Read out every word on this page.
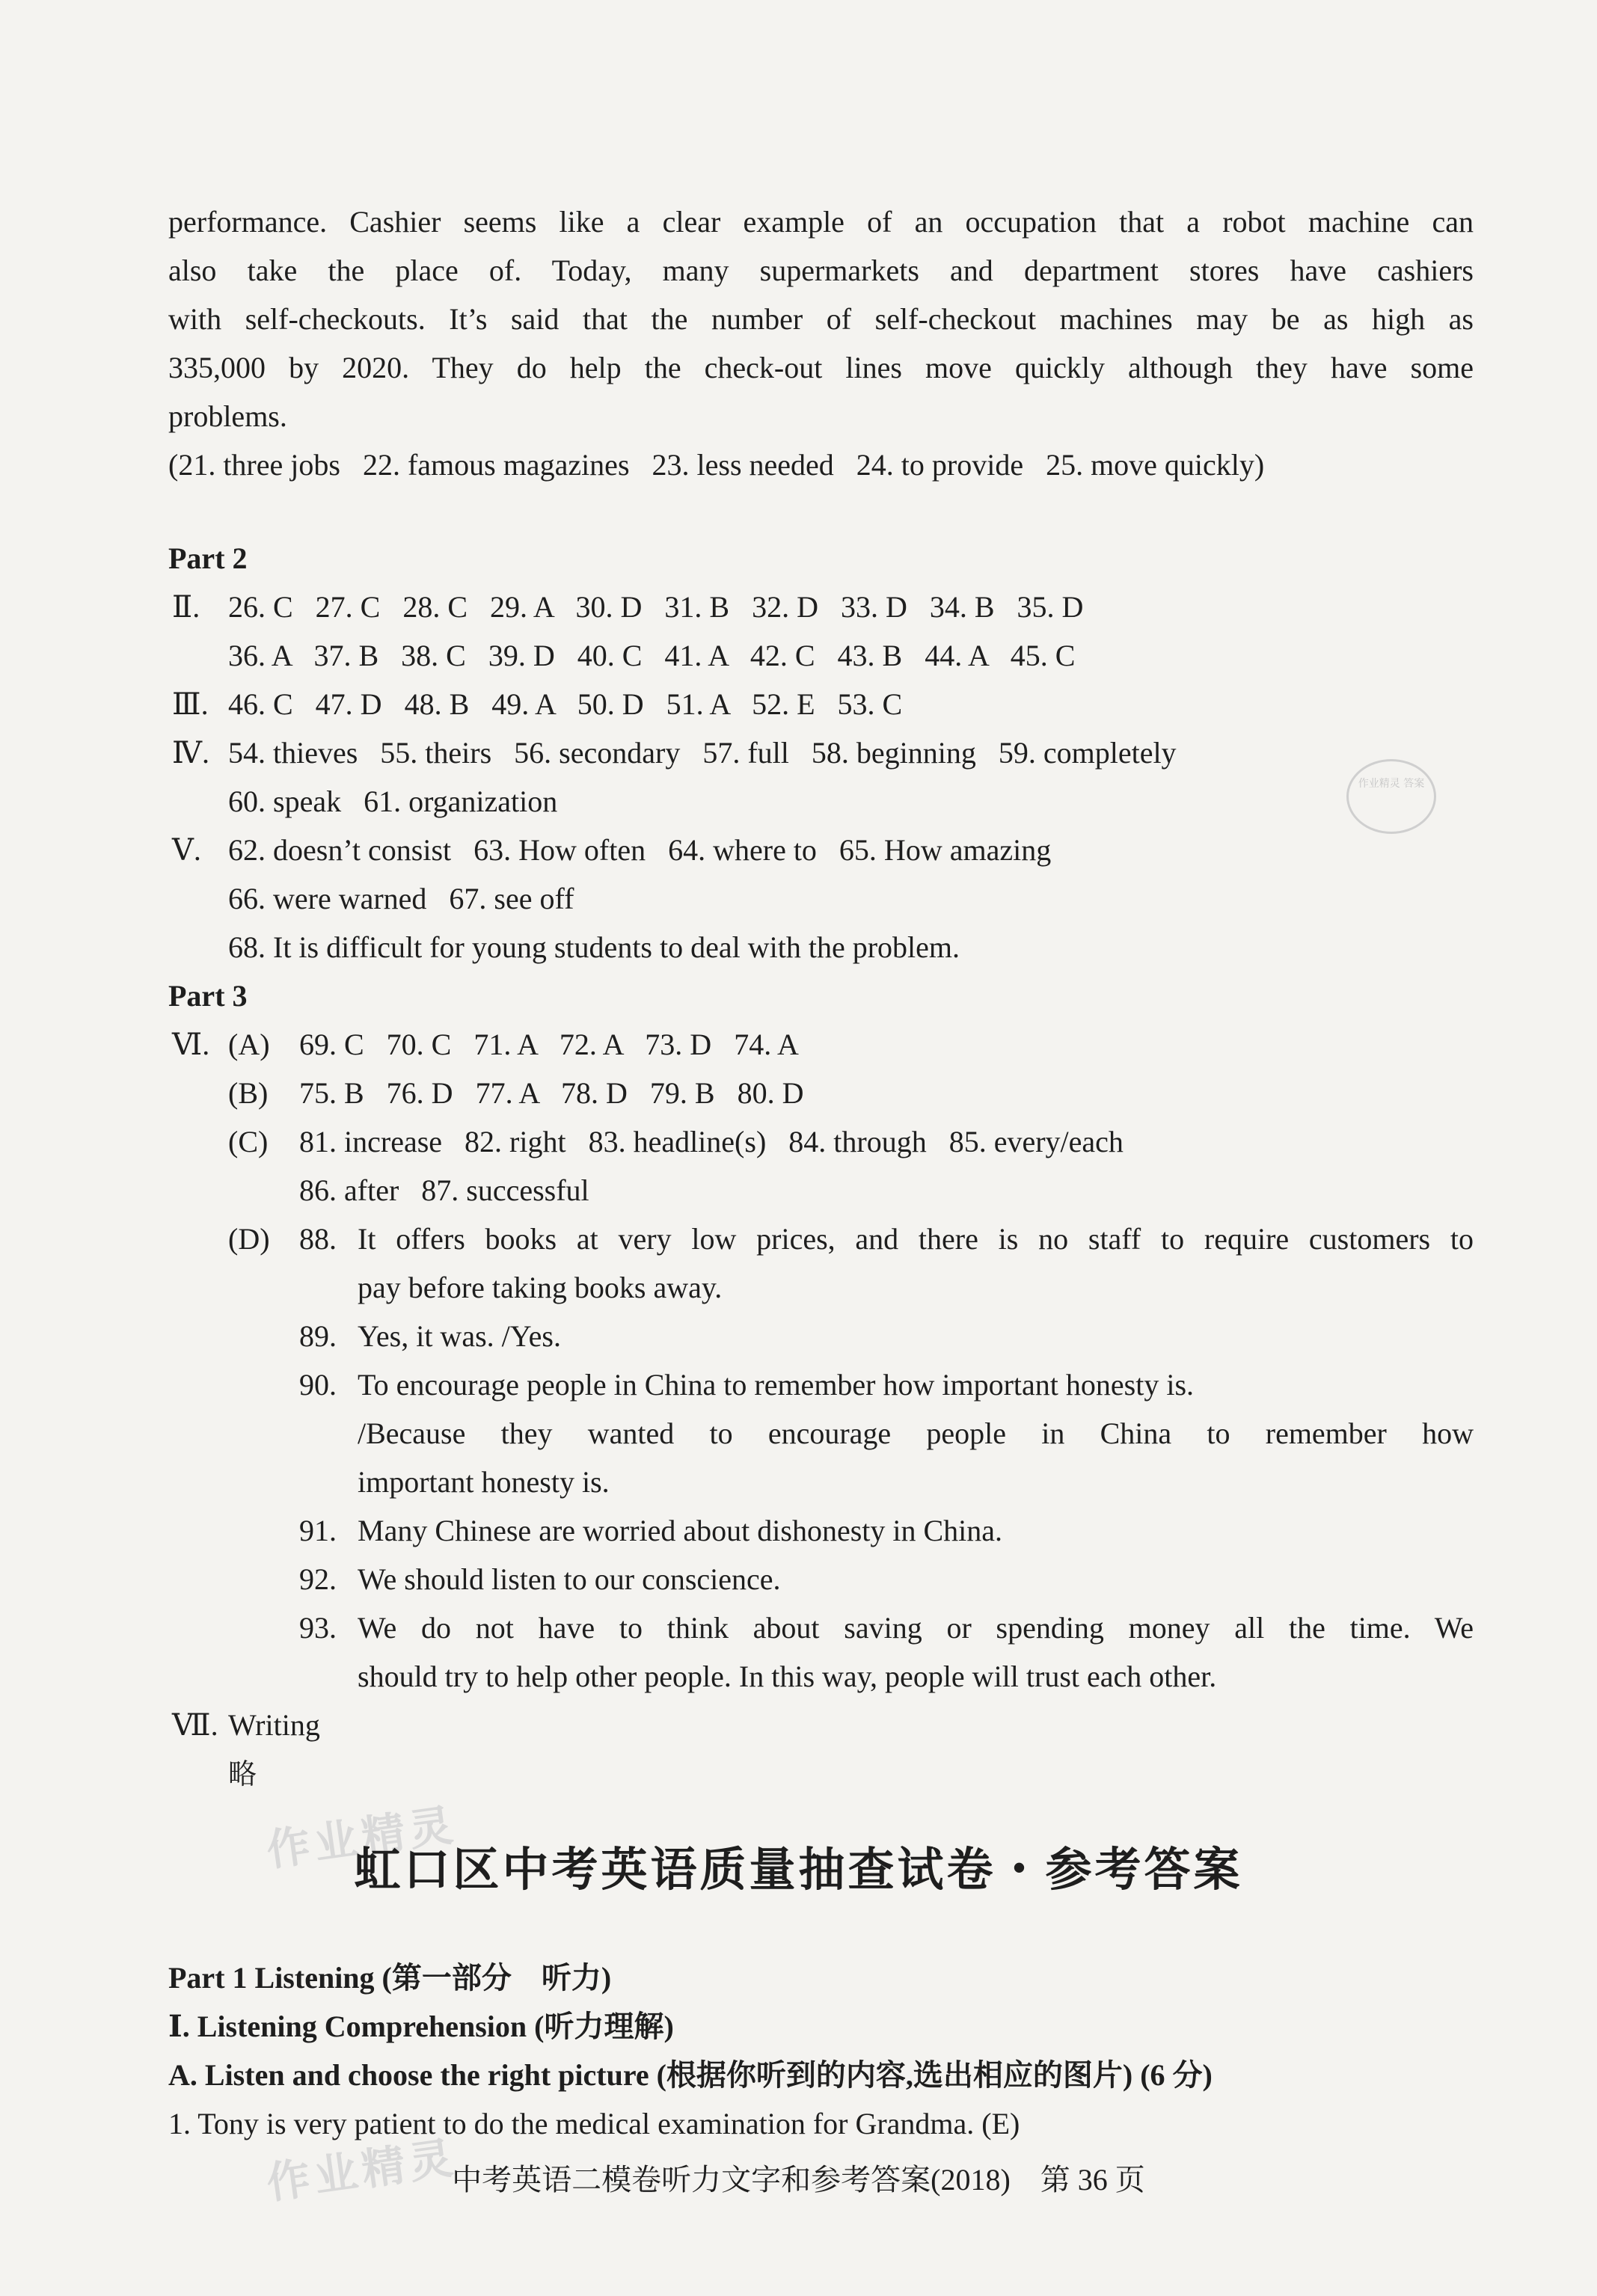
performance. Cashier seems like a clear example of an occupation that a robot machine can
also take the place of. Today, many supermarkets and department stores have cashiers
with self-checkouts. It’s said that the number of self-checkout machines may be as high as
335,000 by 2020. They do help the check-out lines move quickly although they have some
problems.
(21. three jobs   22. famous magazines   23. less needed   24. to provide   25. move quickly)
Part 2
Ⅱ. 26. C   27. C   28. C   29. A   30. D   31. B   32. D   33. D   34. B   35. D
36. A   37. B   38. C   39. D   40. C   41. A   42. C   43. B   44. A   45. C
Ⅲ. 46. C   47. D   48. B   49. A   50. D   51. A   52. E   53. C
Ⅳ. 54. thieves   55. theirs   56. secondary   57. full   58. beginning   59. completely
60. speak   61. organization
Ⅴ. 62. doesn’t consist   63. How often   64. where to   65. How amazing
66. were warned   67. see off
68. It is difficult for young students to deal with the problem.
Part 3
Ⅵ. (A) 69. C   70. C   71. A   72. A   73. D   74. A
(B) 75. B   76. D   77. A   78. D   79. B   80. D
(C) 81. increase   82. right   83. headline(s)   84. through   85. every/each
86. after   87. successful
(D) 88. It offers books at very low prices, and there is no staff to require customers to
pay before taking books away.
89. Yes, it was. /Yes.
90. To encourage people in China to remember how important honesty is.
/Because they wanted to encourage people in China to remember how
important honesty is.
91. Many Chinese are worried about dishonesty in China.
92. We should listen to our conscience.
93. We do not have to think about saving or spending money all the time. We
should try to help other people. In this way, people will trust each other.
Ⅶ. Writing
略
作业精灵
作业精灵
作业精灵 答案
虹口区中考英语质量抽查试卷・参考答案
Part 1 Listening (第一部分　听力)
Ⅰ. Listening Comprehension (听力理解)
A. Listen and choose the right picture (根据你听到的内容,选出相应的图片) (6 分)
1. Tony is very patient to do the medical examination for Grandma. (E)
中考英语二模卷听力文字和参考答案(2018)　第 36 页
